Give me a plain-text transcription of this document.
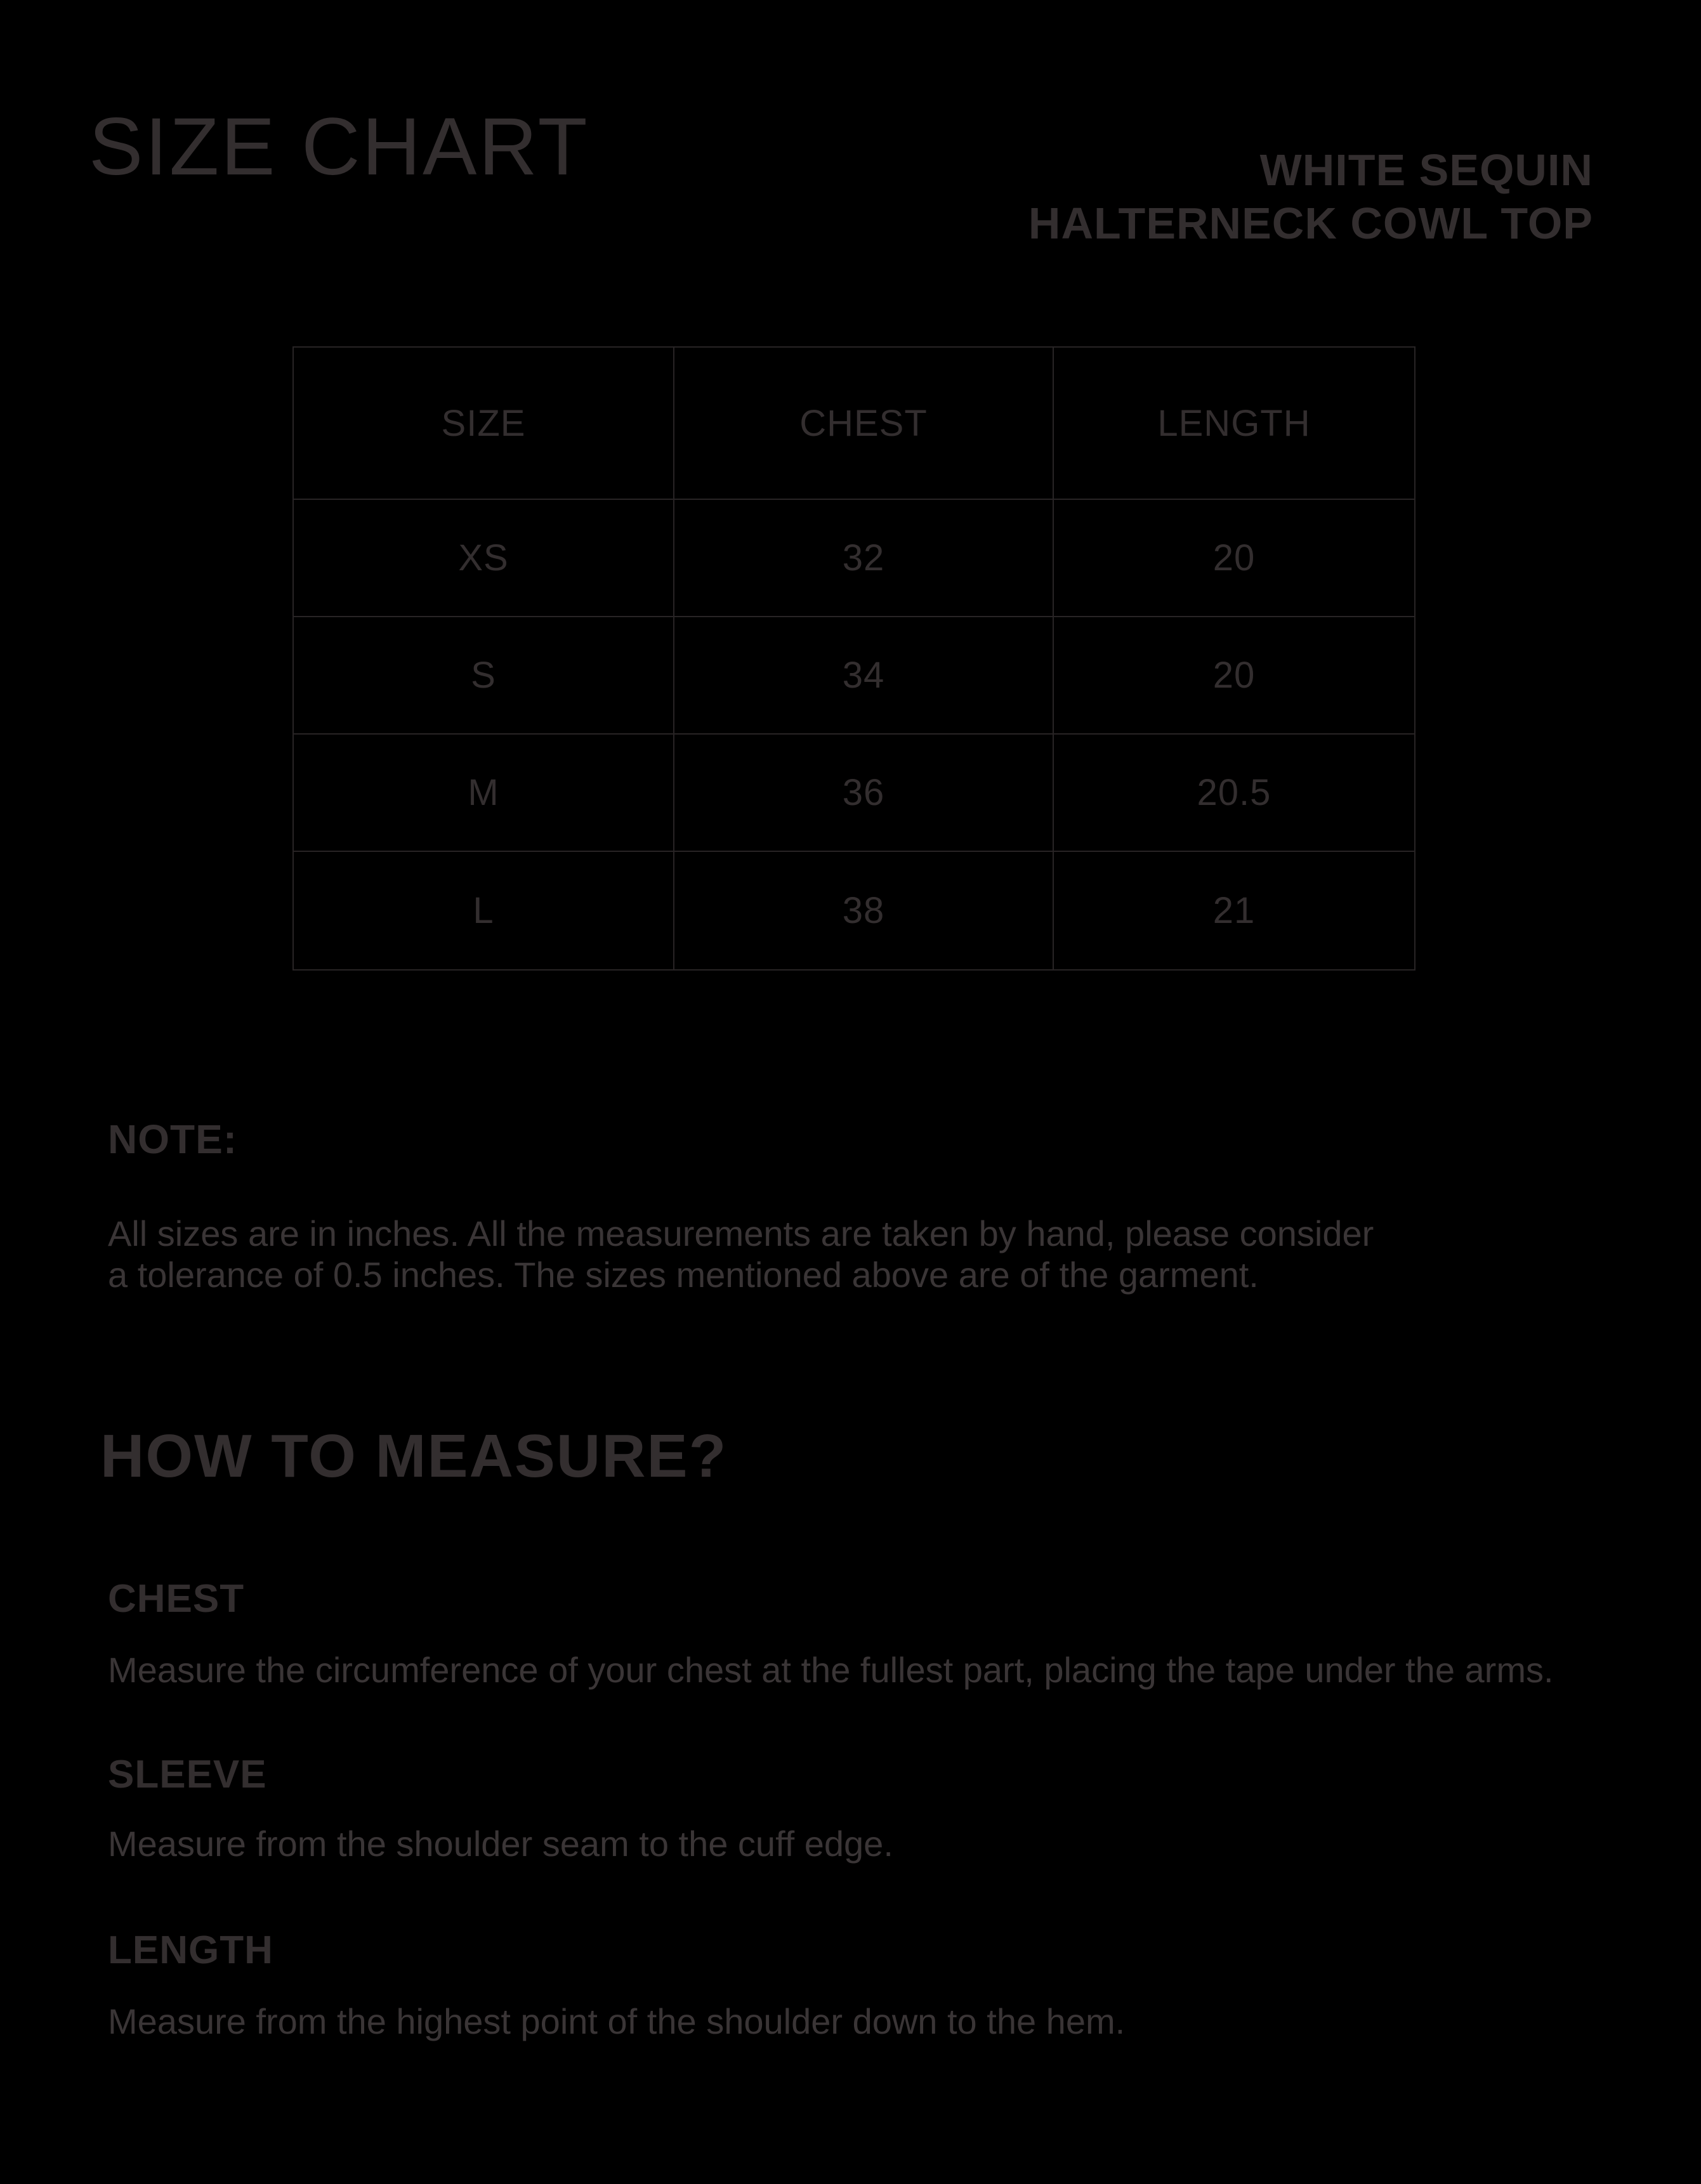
SIZE CHART	WHITE SEQUIN
HALTERNECK COWL TOP
SIZE	CHEST	LENGTH
XS	32	20
S	34	20
M	36	20.5
L	38	21
NOTE:
All sizes are in inches. All the measurements are taken by hand, please consider
a tolerance of 0.5 inches. The sizes mentioned above are of the garment.
HOW TO MEASURE?
CHEST
Measure the circumference of your chest at the fullest part, placing the tape under the arms.
SLEEVE
Measure from the shoulder seam to the cuff edge.
LENGTH
Measure from the highest point of the shoulder down to the hem.
